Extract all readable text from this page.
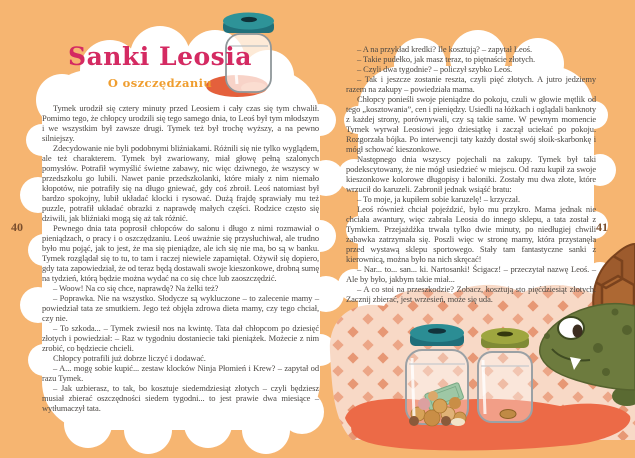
Sanki Leosia
O oszczędzaniu

Tymek urodził się cztery minuty przed Leosiem i cały czas się tym chwalił. Pomimo tego, że chłopcy urodzili się tego samego dnia, to Leoś był tym młodszym i we wszystkim był zawsze drugi. Tymek też był trochę wyższy, a na pewno silniejszy.

Zdecydowanie nie byli podobnymi bliźniakami. Różnili się nie tylko wyglądem, ale też charakterem. Tymek był zwariowany, miał głowę pełną szalonych pomysłów. Potrafił wymyślić świetne zabawy, nic więc dziwnego, że wszyscy w przedszkolu go lubili. Nawet panie przedszkolanki, które miały z nim niemało kłopotów, nie potrafiły się na długo gniewać, gdy coś zbroił. Leoś natomiast był bardzo spokojny, lubił układać klocki i rysować. Dużą frajdę sprawiały mu też puzzle, potrafił układać obrazki z naprawdę małych części. Rodzice często się dziwili, jak bliźniaki mogą się aż tak różnić.

Pewnego dnia tata poprosił chłopców do salonu i długo z nimi rozmawiał o pieniądzach, o pracy i o oszczędzaniu. Leoś uważnie się przysłuchiwał, ale trudno było mu pojąć, jak to jest, że ma się pieniądze, ale ich się nie ma, bo są w banku. Tymek rozglądał się to tu, to tam i raczej niewiele zapamiętał. Ożywił się dopiero, gdy tata zapowiedział, że od teraz będą dostawali swoje kieszonkowe, drobną sumę na tydzień, którą będzie można wydać na co się chce lub zaoszczędzić.

– Woow! Na co się chce, naprawdę? Na żelki też?

– Poprawka. Nie na wszystko. Słodycze są wykluczone – to zalecenie mamy – powiedział tata ze smutkiem. Jego też objęła zdrowa dieta mamy, czy tego chciał, czy nie.

– To szkoda... – Tymek zwiesił nos na kwintę. Tata dał chłopcom po dziesięć złotych i powiedział: – Raz w tygodniu dostaniecie taki pieniążek. Możecie z nim zrobić, co będziecie chcieli.

Chłopcy potrafili już dobrze liczyć i dodawać.

– A... mogę sobie kupić... zestaw klocków Ninja Płomień i Krew? – zapytał od razu Tymek.

– Jak uzbierasz, to tak, bo kosztuje siedemdziesiąt złotych – czyli będziesz musiał zbierać oszczędności siedem tygodni... to jest prawie dwa miesiące – wytłumaczył tata.

– A na przykład kredki? Ile kosztują? – zapytał Leoś.

– Takie pudełko, jak masz teraz, to piętnaście złotych.

– Czyli dwa tygodnie? – policzył szybko Leoś.

– Tak i jeszcze zostanie reszta, czyli pięć złotych. A jutro jedziemy razem na zakupy – powiedziała mama.

Chłopcy ponieśli swoje pieniądze do pokoju, czuli w głowie mętlik od tego „kosztowania”, cen i pieniędzy. Usiedli na łóżkach i oglądali banknoty z każdej strony, porównywali, czy są takie same. W pewnym momencie Tymek wyrwał Leosiowi jego dziesiątkę i zaczął uciekać po pokoju. Rozgorzała bójka. Po interwencji taty każdy dostał swój słoik-skarbonkę i mógł schować kieszonkowe.

Następnego dnia wszyscy pojechali na zakupy. Tymek był taki podekscytowany, że nie mógł usiedzieć w miejscu. Od razu kupił za swoje kieszonkowe kolorowe długopisy i baloniki. Zostały mu dwa złote, które wrzucił do karuzeli. Zabronił jednak wsiąść bratu:

– To moje, ja kupiłem sobie karuzelę! – krzyczał.

Leoś również chciał pojeździć, było mu przykro. Mama jednak nie chciała awantury, więc zabrała Leosia do innego sklepu, a tata został z Tymkiem. Przejażdżka trwała tylko dwie minuty, po niedługiej chwili zabawka zatrzymała się. Poszli więc w stronę mamy, która przystanęła przed wystawą sklepu sportowego. Stały tam fantastyczne sanki z kierownicą, można było na nich skręcać!

– Nar... to... san... ki. Nartosanki! Ścigacz! – przeczytał nazwę Leoś. – Ale by było, jakbym takie miał...

– A co stoi na przeszkodzie? Zobacz, kosztują sto pięćdziesiąt złotych. Zacznij zbierać, jest wrzesień, może się uda.

40	41
